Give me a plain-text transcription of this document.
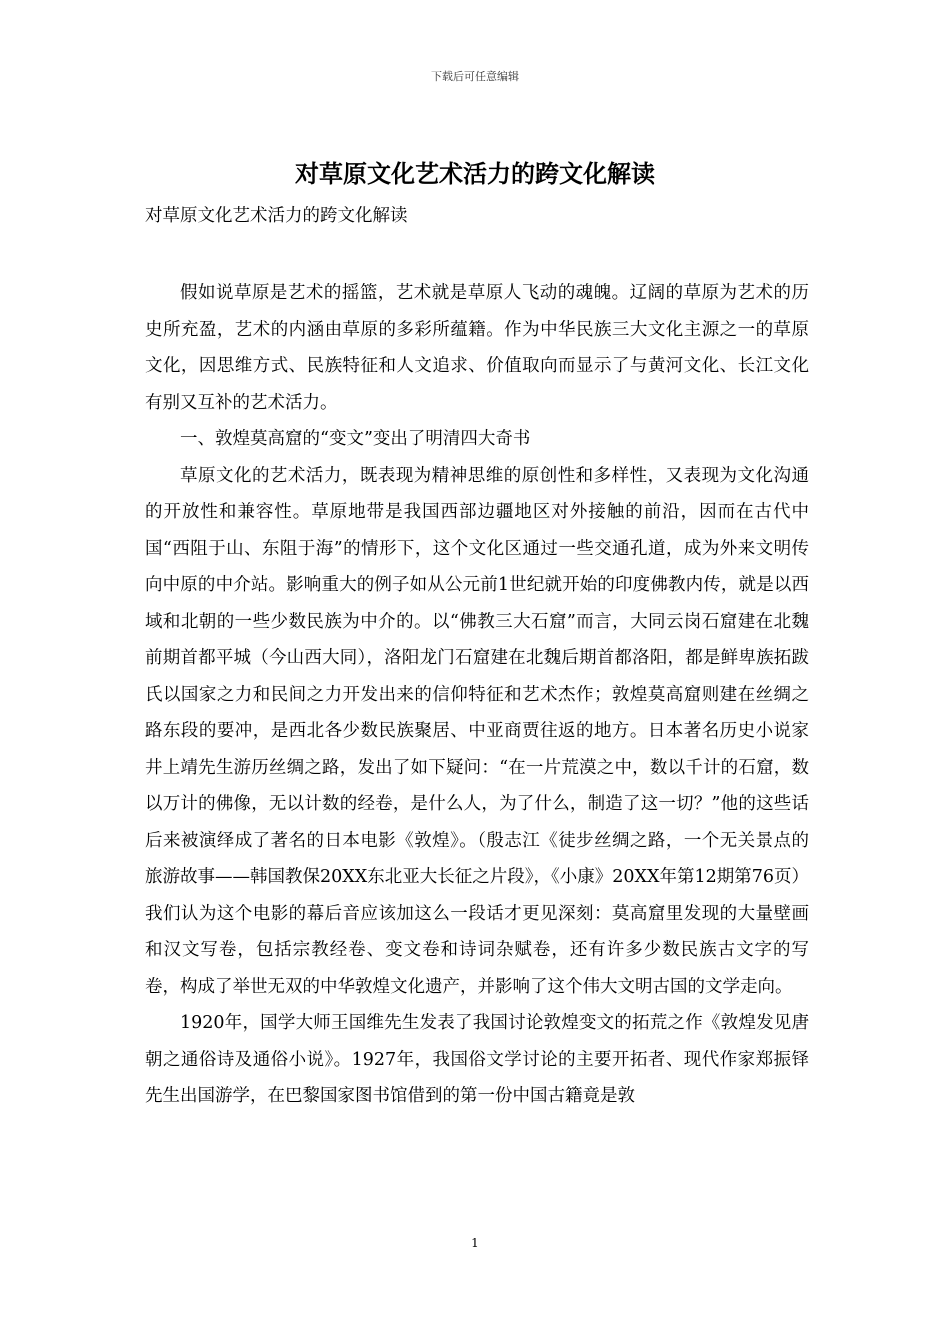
下载后可任意编辑
对草原文化艺术活力的跨文化解读
对草原文化艺术活力的跨文化解读

假如说草原是艺术的摇篮，艺术就是草原人飞动的魂魄。辽阔的草原为艺术的历史所充盈，艺术的内涵由草原的多彩所蕴籍。作为中华民族三大文化主源之一的草原文化，因思维方式、民族特征和人文追求、价值取向而显示了与黄河文化、长江文化有别又互补的艺术活力。

一、敦煌莫高窟的“变文”变出了明清四大奇书

草原文化的艺术活力，既表现为精神思维的原创性和多样性，又表现为文化沟通的开放性和兼容性。草原地带是我国西部边疆地区对外接触的前沿，因而在古代中国“西阻于山、东阻于海”的情形下，这个文化区通过一些交通孔道，成为外来文明传向中原的中介站。影响重大的例子如从公元前1世纪就开始的印度佛教内传，就是以西域和北朝的一些少数民族为中介的。以“佛教三大石窟”而言，大同云岗石窟建在北魏前期首都平城（今山西大同），洛阳龙门石窟建在北魏后期首都洛阳，都是鲜卑族拓跋氏以国家之力和民间之力开发出来的信仰特征和艺术杰作；敦煌莫高窟则建在丝绸之路东段的要冲，是西北各少数民族聚居、中亚商贾往返的地方。日本著名历史小说家井上靖先生游历丝绸之路，发出了如下疑问：“在一片荒漠之中，数以千计的石窟，数以万计的佛像，无以计数的经卷，是什么人，为了什么，制造了这一切？”他的这些话后来被演绎成了著名的日本电影《敦煌》。（殷志江《徒步丝绸之路，一个无关景点的旅游故事——韩国教保20XX东北亚大长征之片段》，《小康》20XX年第12期第76页）我们认为这个电影的幕后音应该加这么一段话才更见深刻：莫高窟里发现的大量壁画和汉文写卷，包括宗教经卷、变文卷和诗词杂赋卷，还有许多少数民族古文字的写卷，构成了举世无双的中华敦煌文化遗产，并影响了这个伟大文明古国的文学走向。

1920年，国学大师王国维先生发表了我国讨论敦煌变文的拓荒之作《敦煌发见唐朝之通俗诗及通俗小说》。1927年，我国俗文学讨论的主要开拓者、现代作家郑振铎先生出国游学，在巴黎国家图书馆借到的第一份中国古籍竟是敦

1
